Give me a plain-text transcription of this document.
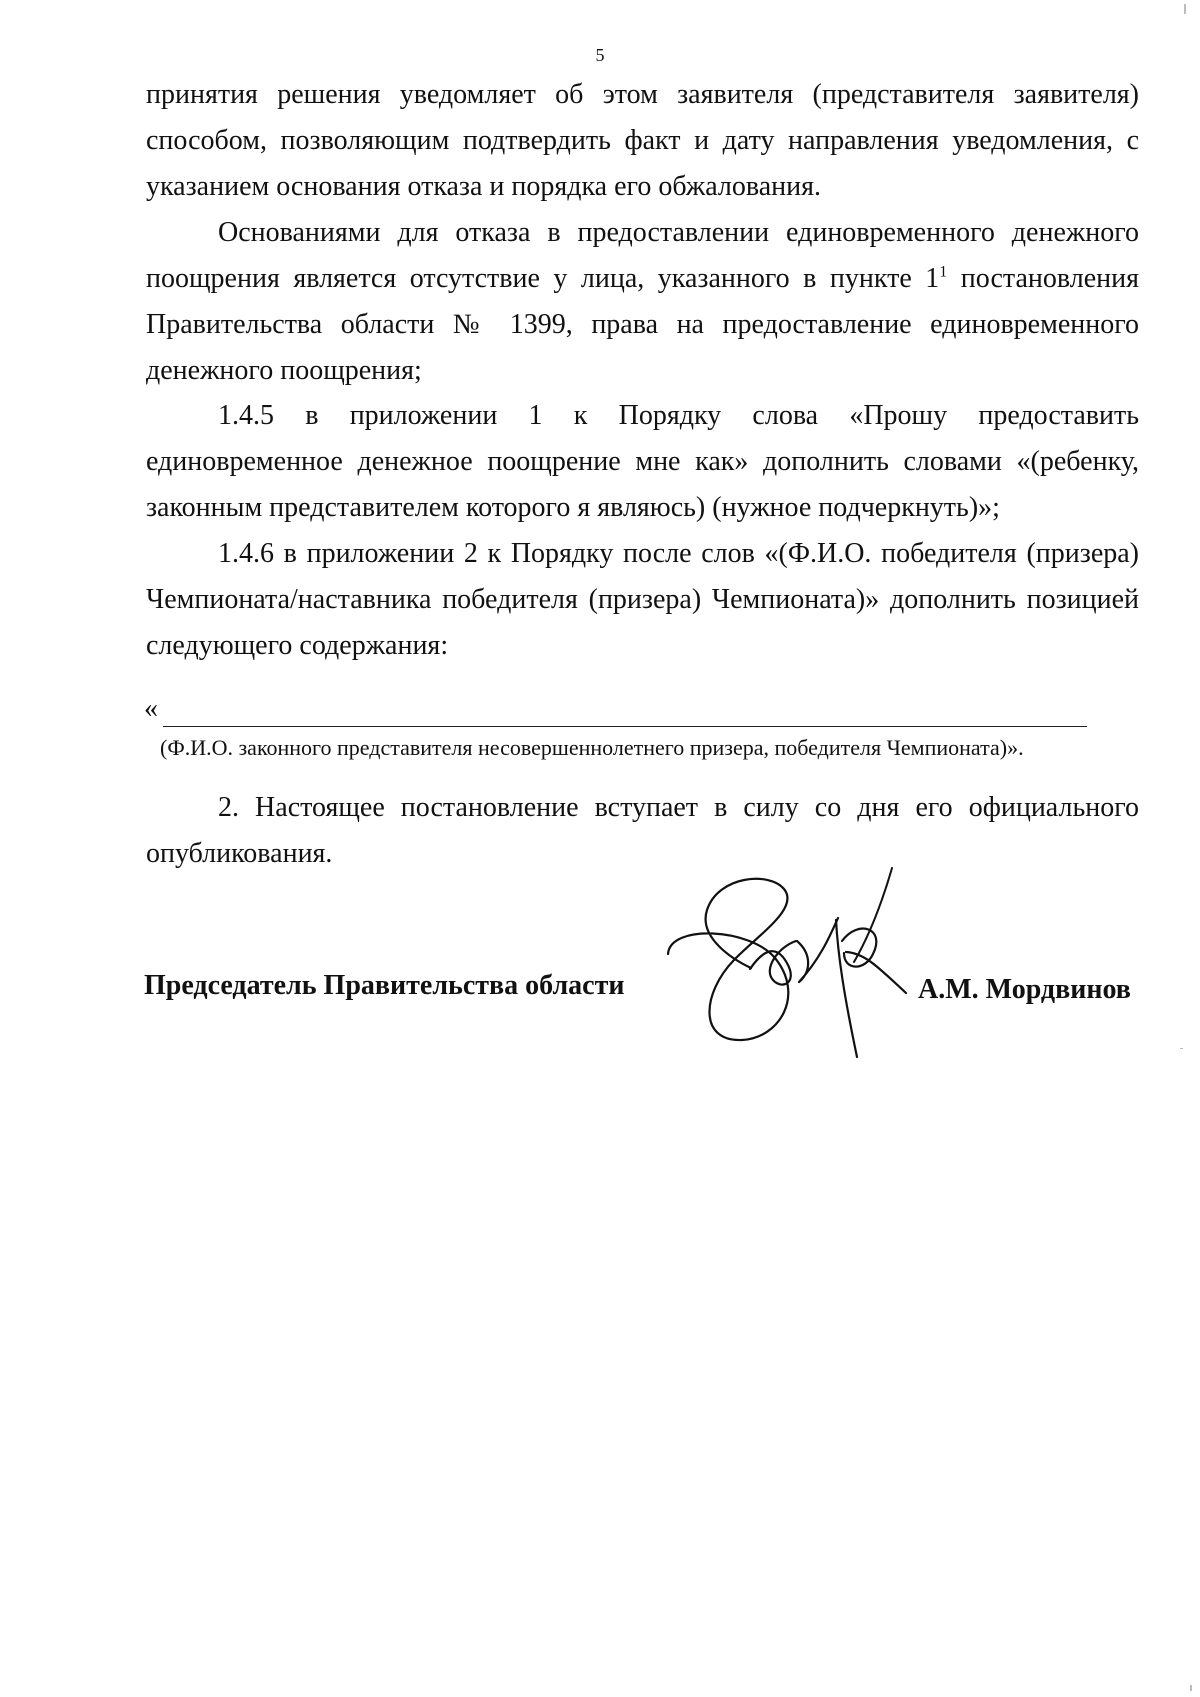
5
принятия решения уведомляет об этом заявителя (представителя заявителя) способом, позволяющим подтвердить факт и дату направления уведомления, с указанием основания отказа и порядка его обжалования.
Основаниями для отказа в предоставлении единовременного денежного поощрения является отсутствие у лица, указанного в пункте $1^1$ постановления Правительства области № 1399, права на предоставление единовременного денежного поощрения;
1.4.5 в приложении 1 к Порядку слова «Прошу предоставить единовременное денежное поощрение мне как» дополнить словами «(ребенку, законным представителем которого я являюсь) (нужное подчеркнуть)»;
1.4.6 в приложении 2 к Порядку после слов «(Ф.И.О. победителя (призера) Чемпионата/наставника победителя (призера) Чемпионата)» дополнить позицией следующего содержания:
«
(Ф.И.О. законного представителя несовершеннолетнего призера, победителя Чемпионата)».
2. Настоящее постановление вступает в силу со дня его официального опубликования.
Председатель Правительства области	А.М. Мордвинов
